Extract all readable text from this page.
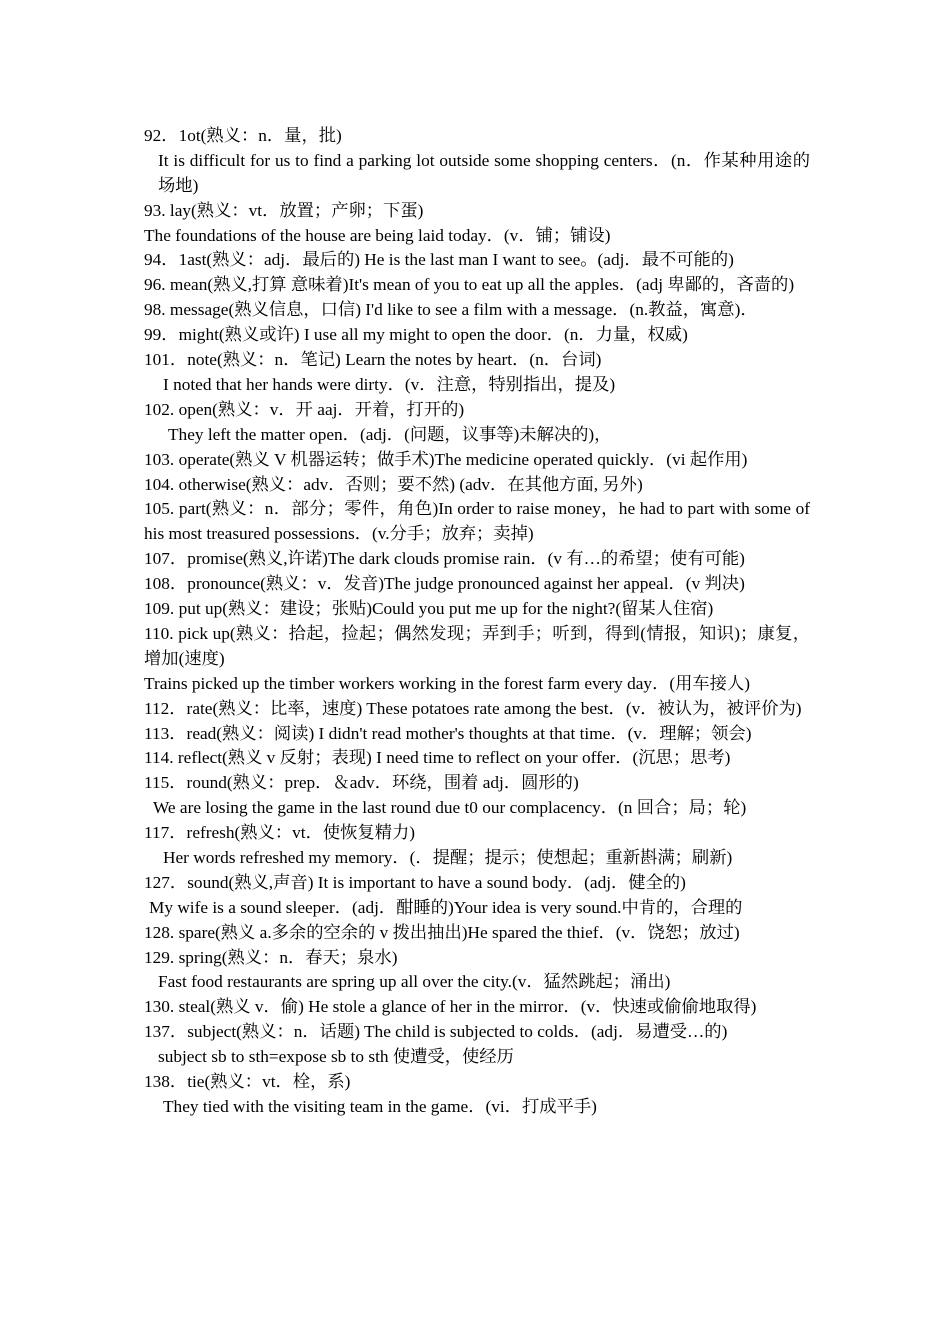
92．1ot(熟义：n．量，批)
It is difficult for us to find a parking lot outside some shopping centers．(n．作某种用途的场地)
93. lay(熟义：vt．放置；产卵；下蛋)
The foundations of the house are being laid today．(v．铺；铺设)
94．1ast(熟义：adj．最后的) He is the last man I want to see。(adj．最不可能的)
96. mean(熟义,打算 意味着)It's mean of you to eat up all the apples．(adj 卑鄙的，吝啬的)
98. message(熟义信息，口信) I'd like to see a film with a message．(n.教益，寓意)．
99．might(熟义或许) I use all my might to open the door．(n．力量，权威)
101．note(熟义：n．笔记) Learn the notes by heart．(n．台词)
I noted that her hands were dirty．(v．注意，特别指出，提及)
102. open(熟义：v．开 aaj．开着，打开的)
They left the matter open．(adj．(问题，议事等)未解决的)，
103. operate(熟义 V 机器运转；做手术)The medicine operated quickly．(vi 起作用)
104. otherwise(熟义：adv．否则；要不然) (adv．在其他方面, 另外)
105. part(熟义：n．部分；零件，角色)In order to raise money，he had to part with some of his most treasured possessions．(v.分手；放弃；卖掉)
107．promise(熟义,许诺)The dark clouds promise rain．(v 有…的希望；使有可能)
108．pronounce(熟义：v．发音)The judge pronounced against her appeal．(v 判决)
109. put up(熟义：建设；张贴)Could you put me up for the night?(留某人住宿)
110. pick up(熟义：拾起，捡起；偶然发现；弄到手；听到，得到(情报，知识)；康复，增加(速度)
Trains picked up the timber workers working in the forest farm every day．(用车接人)
112．rate(熟义：比率，速度) These potatoes rate among the best．(v．被认为，被评价为)
113．read(熟义：阅读) I didn't read mother's thoughts at that time．(v．理解；领会)
114. reflect(熟义 v 反射；表现) I need time to reflect on your offer．(沉思；思考)
115．round(熟义：prep．＆adv．环绕，围着 adj．圆形的)
We are losing the game in the last round due t0 our complacency．(n 回合；局；轮)
117．refresh(熟义：vt．使恢复精力)
Her words refreshed my memory．(．提醒；提示；使想起；重新斟满；刷新)
127．sound(熟义,声音) It is important to have a sound body．(adj．健全的)
My wife is a sound sleeper．(adj．酣睡的)Your idea is very sound.中肯的，合理的
128. spare(熟义 a.多余的空余的 v 拨出抽出)He spared the thief．(v．饶恕；放过)
129. spring(熟义：n．春天；泉水)
Fast food restaurants are spring up all over the city.(v．猛然跳起；涌出)
130. steal(熟义 v．偷) He stole a glance of her in the mirror．(v．快速或偷偷地取得)
137．subject(熟义：n．话题) The child is subjected to colds．(adj．易遭受…的)
subject sb to sth=expose sb to sth 使遭受，使经历
138．tie(熟义：vt．栓，系)
They tied with the visiting team in the game．(vi．打成平手)
